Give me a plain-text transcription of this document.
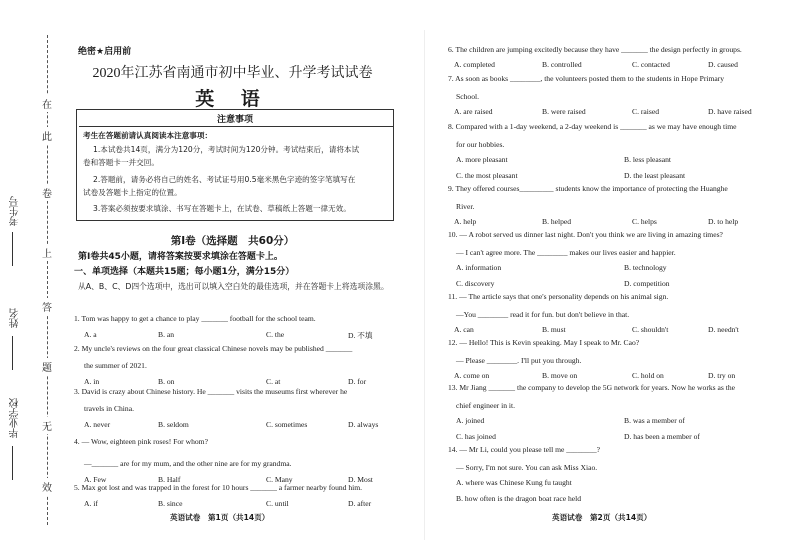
在
此
卷
上
答
题
无
效
考生号
姓名
毕业学校
绝密★启用前
2020年江苏省南通市初中毕业、升学考试试卷
英 语
注意事项
考生在答题前请认真阅读本注意事项：
1.本试卷共14页，满分为120分，考试时间为120分钟。考试结束后，请将本试
卷和答题卡一并交回。
2.答题前，请务必将自己的姓名、考试证号用0.5毫米黑色字迹的签字笔填写在
试卷及答题卡上指定的位置。
3.答案必须按要求填涂、书写在答题卡上，在试卷、草稿纸上答题一律无效。
第Ⅰ卷（选择题　共60分）
第Ⅰ卷共45小题，请将答案按要求填涂在答题卡上。
一、单项选择（本题共15题；每小题1分，满分15分）
从A、B、C、D四个选项中，选出可以填入空白处的最佳选项，并在答题卡上将选项涂黑。
1. Tom was happy to get a chance to play _______ football for the school team.
A. a	B. an	C. the	D. 不填
2. My uncle's reviews on the four great classical Chinese novels may be published _______
the summer of 2021.
A. in	B. on	C. at	D. for
3. David is crazy about Chinese history. He _______ visits the museums first wherever he
travels in China.
A. never	B. seldom	C. sometimes	D. always
4. — Wow, eighteen pink roses! For whom?
—_______ are for my mum, and the other nine are for my grandma.
A. Few	B. Half	C. Many	D. Most
5. Max got lost and was trapped in the forest for 10 hours _______ a farmer nearby found him.
A. if	B. since	C. until	D. after
英语试卷　第1页（共14页）
6. The children are jumping excitedly because they have _______ the design perfectly in groups.
A. completed	B. controlled	C. contacted	D. caused
7. As soon as books ________, the volunteers posted them to the students in Hope Primary
School.
A. are raised	B. were raised	C. raised	D. have raised
8. Compared with a 1-day weekend, a 2-day weekend is _______ as we may have enough time
for our hobbies.
A. more pleasant	B. less pleasant
C. the most pleasant	D. the least pleasant
9. They offered courses_________ students know the importance of protecting the Huanghe
River.
A. help	B. helped	C. helps	D. to help
10. — A robot served us dinner last night. Don't you think we are living in amazing times?
— I can't agree more. The ________ makes our lives easier and happier.
A. information	B. technology
C. discovery	D. competition
11. — The article says that one's personality depends on his animal sign.
—You ________ read it for fun. but don't believe in that.
A. can	B. must	C. shouldn't	D. needn't
12. — Hello! This is Kevin speaking. May I speak to Mr. Cao?
— Please ________. I'll put you through.
A. come on	B. move on	C. hold on	D. try on
13. Mr Jiang _______ the company to develop the 5G network for years. Now he works as the
chief engineer in it.
A. joined	B. was a member of
C. has joined	D. has been a member of
14. — Mr Li, could you please tell me ________?
— Sorry, I'm not sure. You can ask Miss Xiao.
A. where was Chinese Kung fu taught
B. how often is the dragon boat race held
英语试卷　第2页（共14页）
